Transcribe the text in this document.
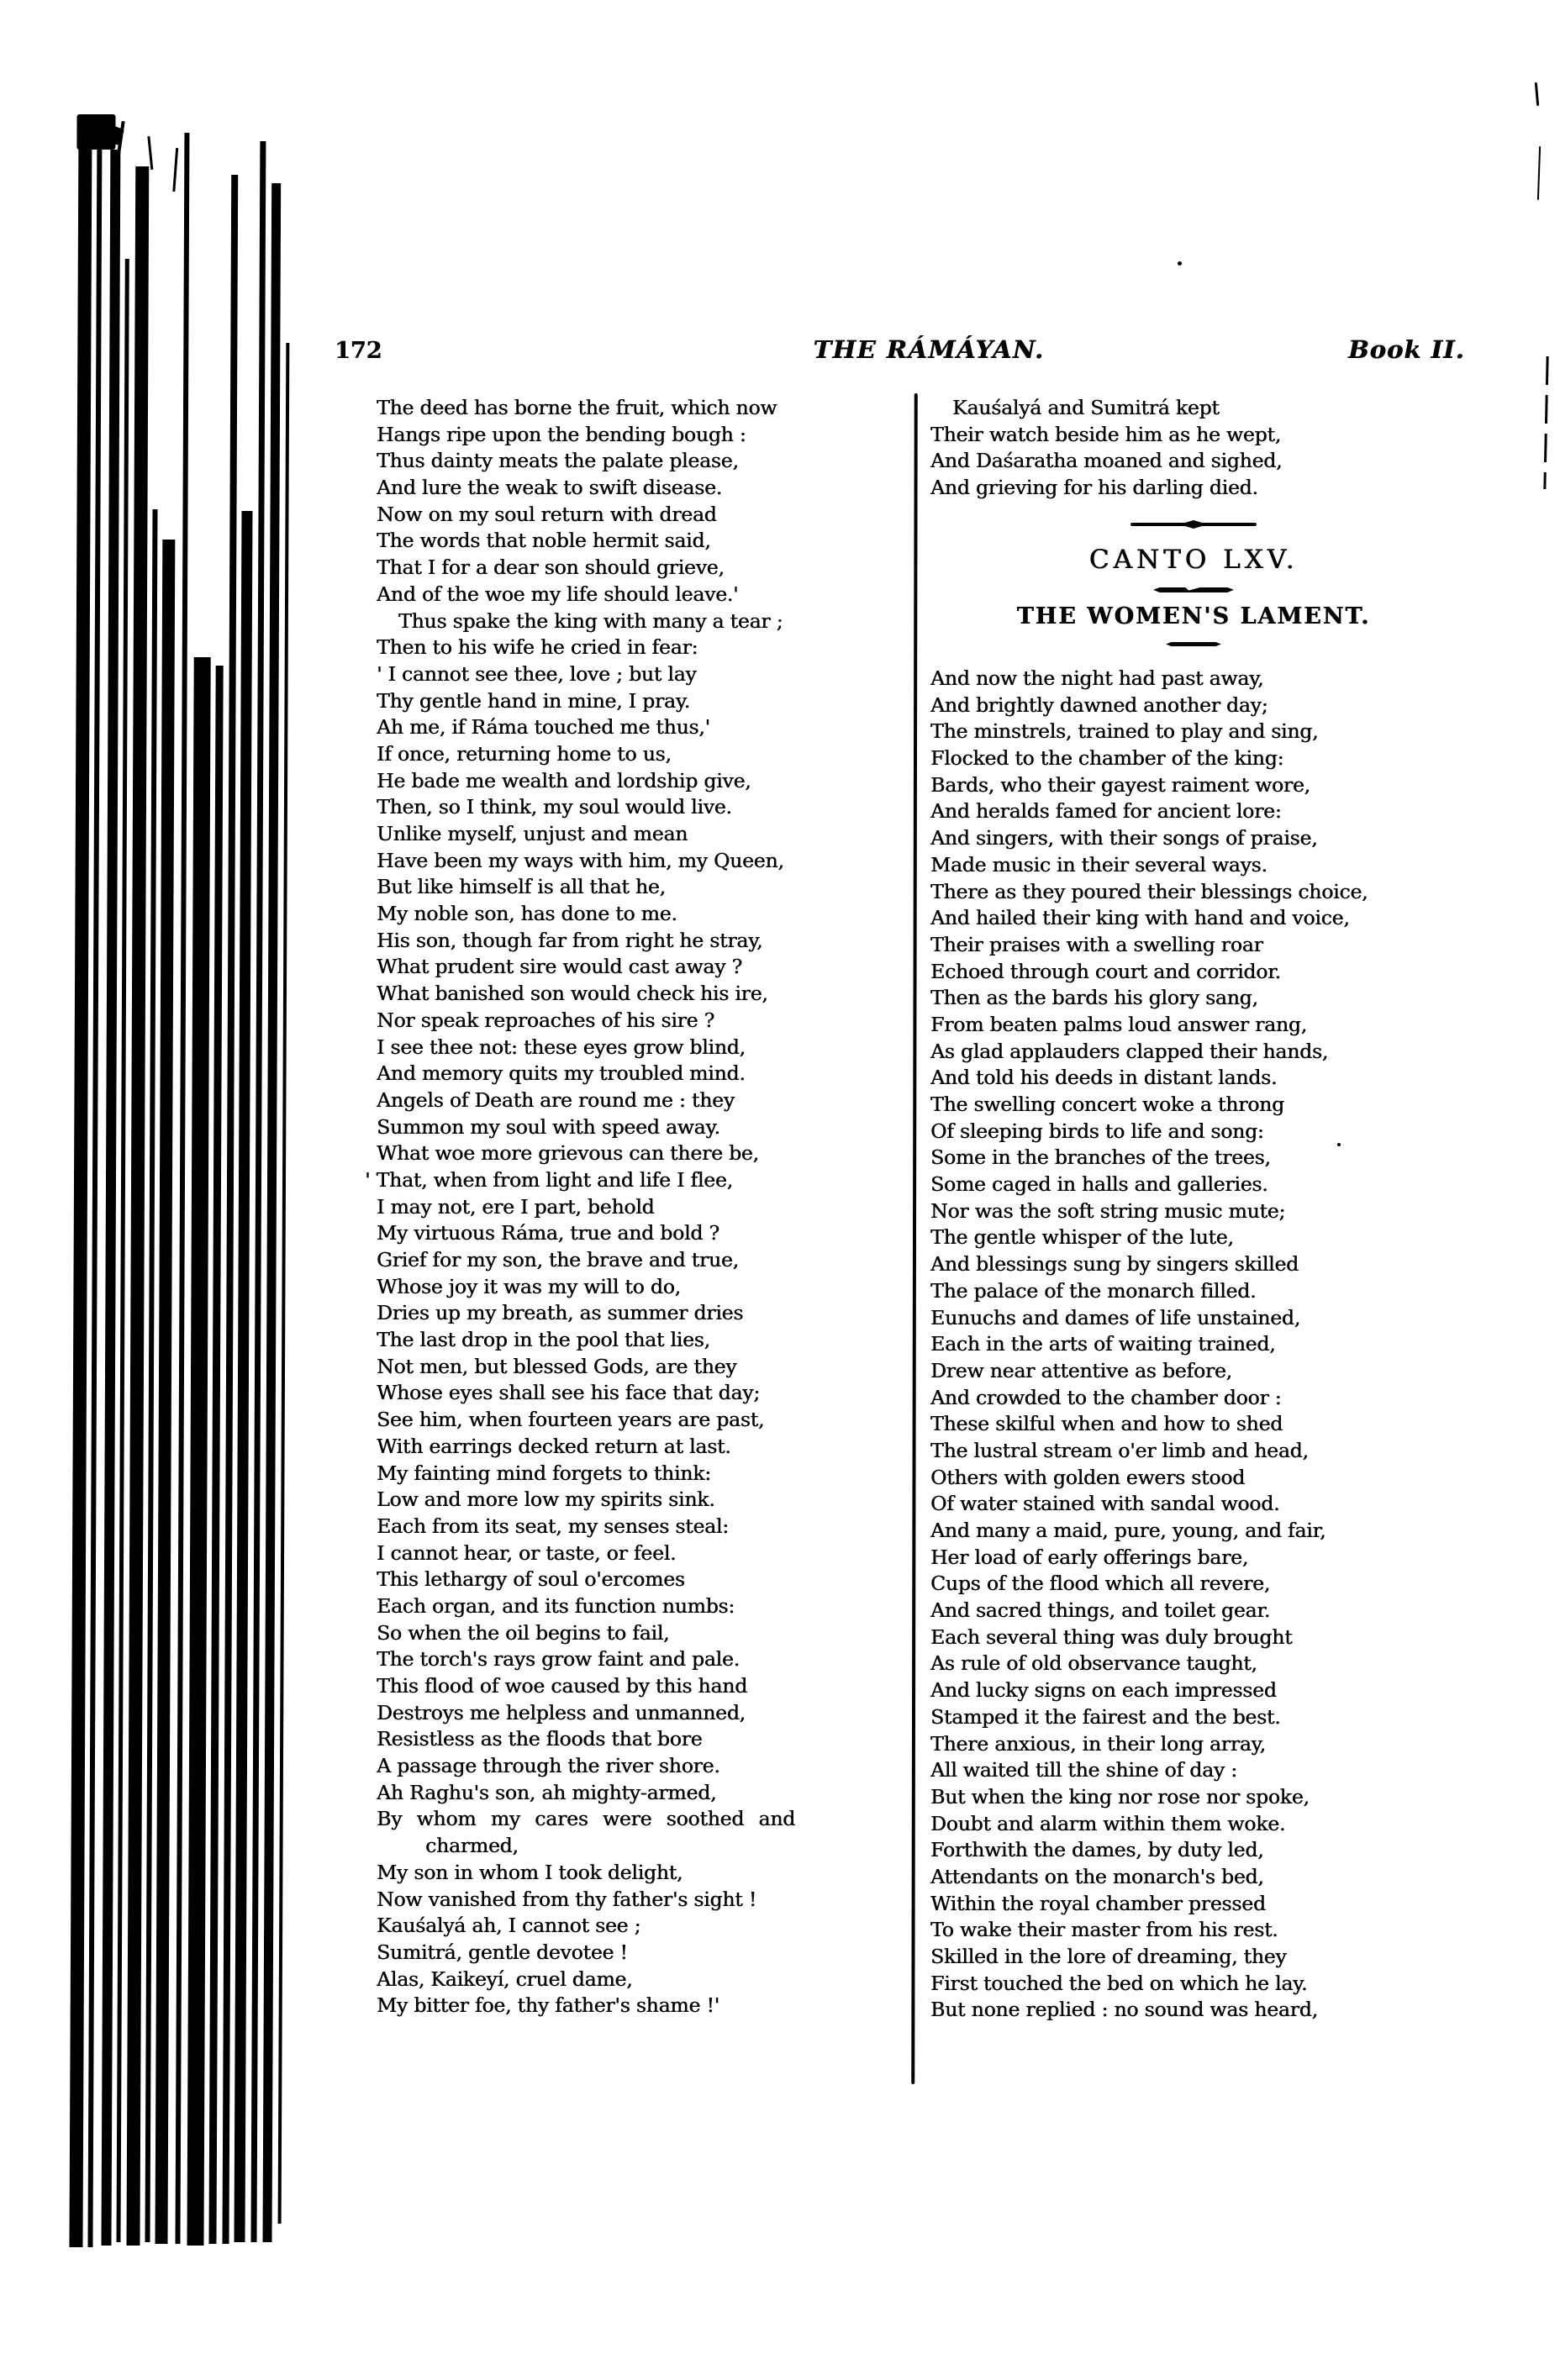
172	THE RÁMÁYAN.	Book II.
The deed has borne the fruit, which now
Hangs ripe upon the bending bough :
Thus dainty meats the palate please,
And lure the weak to swift disease.
Now on my soul return with dread
The words that noble hermit said,
That I for a dear son should grieve,
And of the woe my life should leave.'
Thus spake the king with many a tear ;
Then to his wife he cried in fear:
' I cannot see thee, love ; but lay
Thy gentle hand in mine, I pray.
Ah me, if Ráma touched me thus,'
If once, returning home to us,
He bade me wealth and lordship give,
Then, so I think, my soul would live.
Unlike myself, unjust and mean
Have been my ways with him, my Queen,
But like himself is all that he,
My noble son, has done to me.
His son, though far from right he stray,
What prudent sire would cast away ?
What banished son would check his ire,
Nor speak reproaches of his sire ?
I see thee not: these eyes grow blind,
And memory quits my troubled mind.
Angels of Death are round me : they
Summon my soul with speed away.
What woe more grievous can there be,
' That, when from light and life I flee,
I may not, ere I part, behold
My virtuous Ráma, true and bold ?
Grief for my son, the brave and true,
Whose joy it was my will to do,
Dries up my breath, as summer dries
The last drop in the pool that lies,
Not men, but blessed Gods, are they
Whose eyes shall see his face that day;
See him, when fourteen years are past,
With earrings decked return at last.
My fainting mind forgets to think:
Low and more low my spirits sink.
Each from its seat, my senses steal:
I cannot hear, or taste, or feel.
This lethargy of soul o'ercomes
Each organ, and its function numbs:
So when the oil begins to fail,
The torch's rays grow faint and pale.
This flood of woe caused by this hand
Destroys me helpless and unmanned,
Resistless as the floods that bore
A passage through the river shore.
Ah Raghu's son, ah mighty-armed,
By whom my cares were soothed and
charmed,
My son in whom I took delight,
Now vanished from thy father's sight !
Kauśalyá ah, I cannot see ;
Sumitrá, gentle devotee !
Alas, Kaikeyí, cruel dame,
My bitter foe, thy father's shame !'
Kauśalyá and Sumitrá kept
Their watch beside him as he wept,
And Daśaratha moaned and sighed,
And grieving for his darling died.
CANTO LXV.
THE WOMEN'S LAMENT.
And now the night had past away,
And brightly dawned another day;
The minstrels, trained to play and sing,
Flocked to the chamber of the king:
Bards, who their gayest raiment wore,
And heralds famed for ancient lore:
And singers, with their songs of praise,
Made music in their several ways.
There as they poured their blessings choice,
And hailed their king with hand and voice,
Their praises with a swelling roar
Echoed through court and corridor.
Then as the bards his glory sang,
From beaten palms loud answer rang,
As glad applauders clapped their hands,
And told his deeds in distant lands.
The swelling concert woke a throng
Of sleeping birds to life and song:
Some in the branches of the trees,
Some caged in halls and galleries.
Nor was the soft string music mute;
The gentle whisper of the lute,
And blessings sung by singers skilled
The palace of the monarch filled.
Eunuchs and dames of life unstained,
Each in the arts of waiting trained,
Drew near attentive as before,
And crowded to the chamber door :
These skilful when and how to shed
The lustral stream o'er limb and head,
Others with golden ewers stood
Of water stained with sandal wood.
And many a maid, pure, young, and fair,
Her load of early offerings bare,
Cups of the flood which all revere,
And sacred things, and toilet gear.
Each several thing was duly brought
As rule of old observance taught,
And lucky signs on each impressed
Stamped it the fairest and the best.
There anxious, in their long array,
All waited till the shine of day :
But when the king nor rose nor spoke,
Doubt and alarm within them woke.
Forthwith the dames, by duty led,
Attendants on the monarch's bed,
Within the royal chamber pressed
To wake their master from his rest.
Skilled in the lore of dreaming, they
First touched the bed on which he lay.
But none replied : no sound was heard,
